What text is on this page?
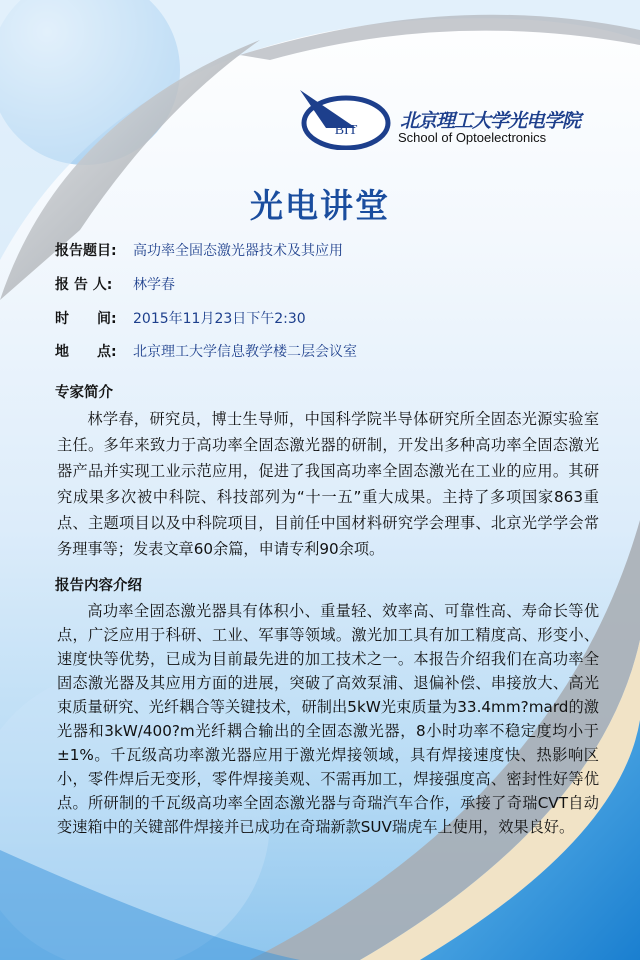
BIT 北京理工大学光电学院
School of Optoelectronics
光电讲堂
报告题目: 高功率全固态激光器技术及其应用
报 告 人: 林学春
时　　间: 2015年11月23日下午2:30
地　　点: 北京理工大学信息教学楼二层会议室
专家简介
林学春，研究员，博士生导师，中国科学院半导体研究所全固态光源实验室主任。多年来致力于高功率全固态激光器的研制，开发出多种高功率全固态激光器产品并实现工业示范应用，促进了我国高功率全固态激光在工业的应用。其研究成果多次被中科院、科技部列为“十一五”重大成果。主持了多项国家863重点、主题项目以及中科院项目，目前任中国材料研究学会理事、北京光学学会常务理事等；发表文章60余篇，申请专利90余项。
报告内容介绍
高功率全固态激光器具有体积小、重量轻、效率高、可靠性高、寿命长等优点，广泛应用于科研、工业、军事等领域。激光加工具有加工精度高、形变小、速度快等优势，已成为目前最先进的加工技术之一。本报告介绍我们在高功率全固态激光器及其应用方面的进展，突破了高效泵浦、退偏补偿、串接放大、高光束质量研究、光纤耦合等关键技术，研制出5kW光束质量为33.4mm?mard的激光器和3kW/400?m光纤耦合输出的全固态激光器，8小时功率不稳定度均小于±1%。千瓦级高功率激光器应用于激光焊接领域，具有焊接速度快、热影响区小，零件焊后无变形，零件焊接美观、不需再加工，焊接强度高、密封性好等优点。所研制的千瓦级高功率全固态激光器与奇瑞汽车合作，承接了奇瑞CVT自动变速箱中的关键部件焊接并已成功在奇瑞新款SUV瑞虎车上使用，效果良好。
